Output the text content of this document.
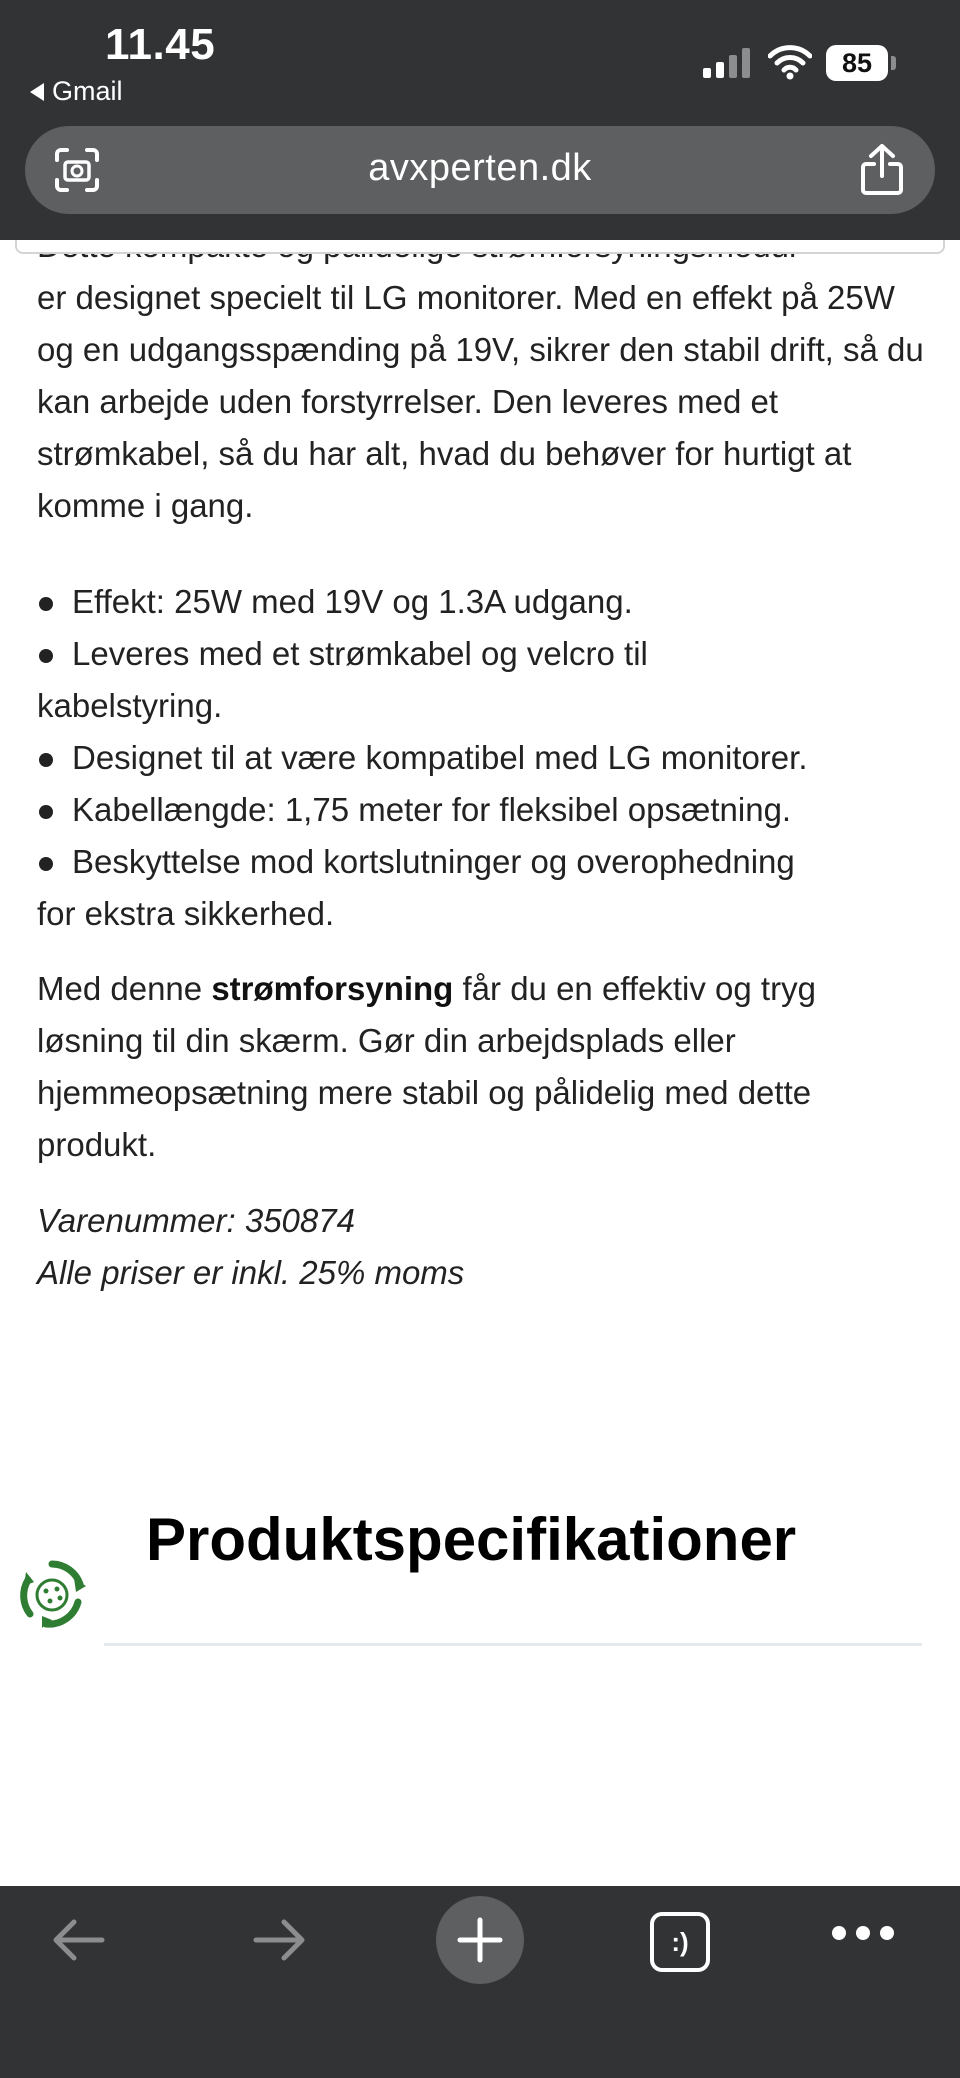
11.45
Gmail
85
avxperten.dk
er designet specielt til LG monitorer. Med en effekt på 25W og en udgangsspænding på 19V, sikrer den stabil drift, så du kan arbejde uden forstyrrelser. Den leveres med et strømkabel, så du har alt, hvad du behøver for hurtigt at komme i gang.
Effekt: 25W med 19V og 1.3A udgang.
Leveres med et strømkabel og velcro til
kabelstyring.
Designet til at være kompatibel med LG monitorer.
Kabellængde: 1,75 meter for fleksibel opsætning.
Beskyttelse mod kortslutninger og overophedning
for ekstra sikkerhed.
Med denne strømforsyning får du en effektiv og tryg løsning til din skærm. Gør din arbejdsplads eller hjemmeopsætning mere stabil og pålidelig med dette produkt.
Varenummer: 350874
Alle priser er inkl. 25% moms
Produktspecifikationer
:)
